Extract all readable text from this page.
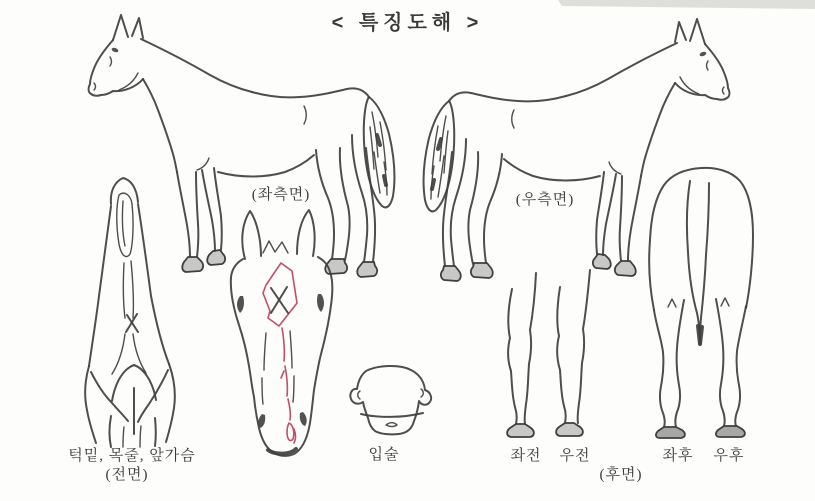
< 특징도해 >
(좌측면)	(우측면)
턱밑, 목줄, 앞가슴
(전면)
입술	좌전 우전	좌후 우후
(후면)
